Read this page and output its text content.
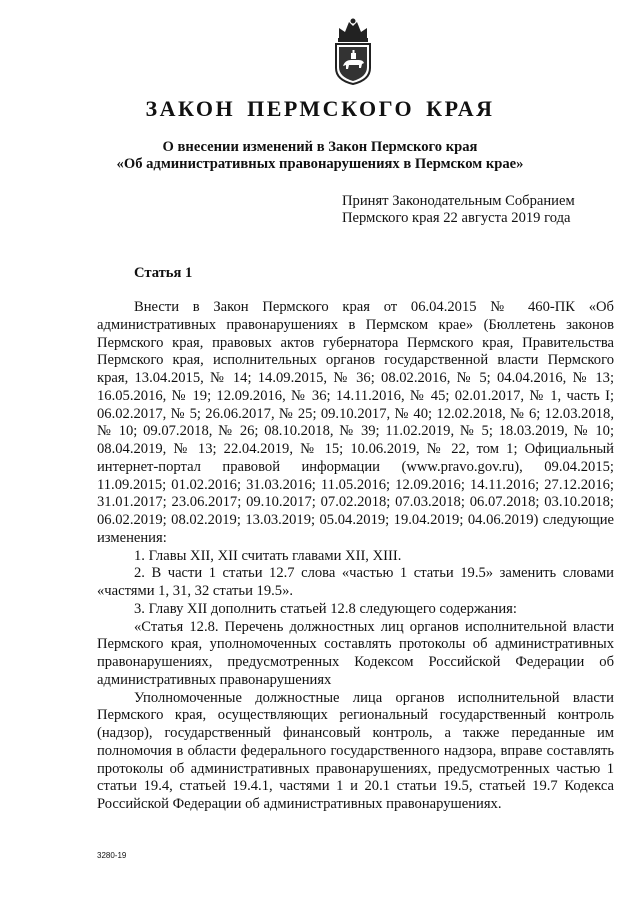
ЗАКОН ПЕРМСКОГО КРАЯ
О внесении изменений в Закон Пермского края
«Об административных правонарушениях в Пермском крае»
Принят Законодательным Собранием
Пермского края 22 августа 2019 года
Статья 1

Внести в Закон Пермского края от 06.04.2015 № 460-ПК «Об административных правонарушениях в Пермском крае» (Бюллетень законов Пермского края, правовых актов губернатора Пермского края, Правительства Пермского края, исполнительных органов государственной власти Пермского края, 13.04.2015, № 14; 14.09.2015, № 36; 08.02.2016, № 5; 04.04.2016, № 13; 16.05.2016, № 19; 12.09.2016, № 36; 14.11.2016, № 45; 02.01.2017, № 1, часть I; 06.02.2017, № 5; 26.06.2017, № 25; 09.10.2017, № 40; 12.02.2018, № 6; 12.03.2018, № 10; 09.07.2018, № 26; 08.10.2018, № 39; 11.02.2019, № 5; 18.03.2019, № 10; 08.04.2019, № 13; 22.04.2019, № 15; 10.06.2019, № 22, том 1; Официальный интернет-портал правовой информации (www.pravo.gov.ru), 09.04.2015; 11.09.2015; 01.02.2016; 31.03.2016; 11.05.2016; 12.09.2016; 14.11.2016; 27.12.2016; 31.01.2017; 23.06.2017; 09.10.2017; 07.02.2018; 07.03.2018; 06.07.2018; 03.10.2018; 06.02.2019; 08.02.2019; 13.03.2019; 05.04.2019; 19.04.2019; 04.06.2019) следующие изменения:

1. Главы XII, XII считать главами XII, XIII.

2. В части 1 статьи 12.7 слова «частью 1 статьи 19.5» заменить словами «частями 1, 31, 32 статьи 19.5».

3. Главу XII дополнить статьей 12.8 следующего содержания:

«Статья 12.8. Перечень должностных лиц органов исполнительной власти Пермского края, уполномоченных составлять протоколы об административных правонарушениях, предусмотренных Кодексом Российской Федерации об административных правонарушениях

Уполномоченные должностные лица органов исполнительной власти Пермского края, осуществляющих региональный государственный контроль (надзор), государственный финансовый контроль, а также переданные им полномочия в области федерального государственного надзора, вправе составлять протоколы об административных правонарушениях, предусмотренных частью 1 статьи 19.4, статьей 19.4.1, частями 1 и 20.1 статьи 19.5, статьей 19.7 Кодекса Российской Федерации об административных правонарушениях.

3280-19
